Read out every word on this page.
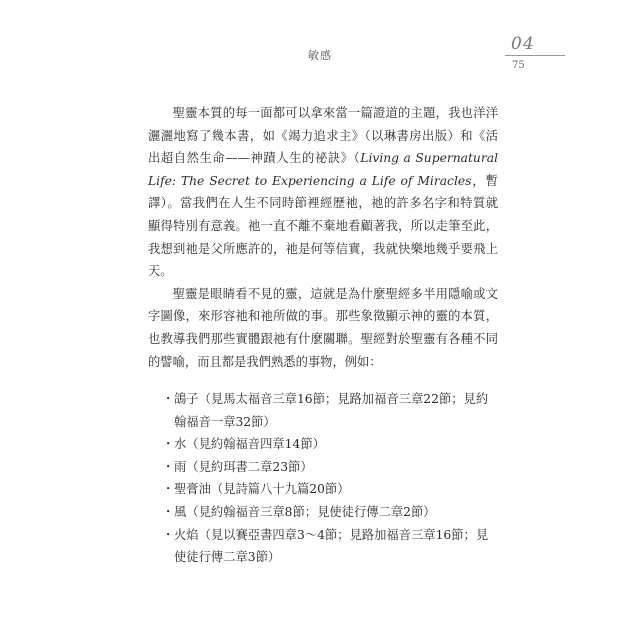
敏感
04
75

聖靈本質的每一面都可以拿來當一篇證道的主題，我也洋洋灑灑地寫了幾本書，如《竭力追求主》（以琳書房出版）和《活出超自然生命——神蹟人生的祕訣》（Living a Supernatural Life: The Secret to Experiencing a Life of Miracles，暫譯）。當我們在人生不同時節裡經歷祂，祂的許多名字和特質就顯得特別有意義。祂一直不離不棄地看顧著我，所以走筆至此，我想到祂是父所應許的，祂是何等信實，我就快樂地幾乎要飛上天。

聖靈是眼睛看不見的靈，這就是為什麼聖經多半用隱喻或文字圖像，來形容祂和祂所做的事。那些象徵顯示神的靈的本質，也教導我們那些實體跟祂有什麼關聯。聖經對於聖靈有各種不同的譬喻，而且都是我們熟悉的事物，例如：

・ 鴿子（見馬太福音三章16節；見路加福音三章22節；見約翰福音一章32節）
・ 水（見約翰福音四章14節）
・ 雨（見約珥書二章23節）
・ 聖膏油（見詩篇八十九篇20節）
・ 風（見約翰福音三章8節；見使徒行傳二章2節）
・ 火焰（見以賽亞書四章3～4節；見路加福音三章16節；見使徒行傳二章3節）
